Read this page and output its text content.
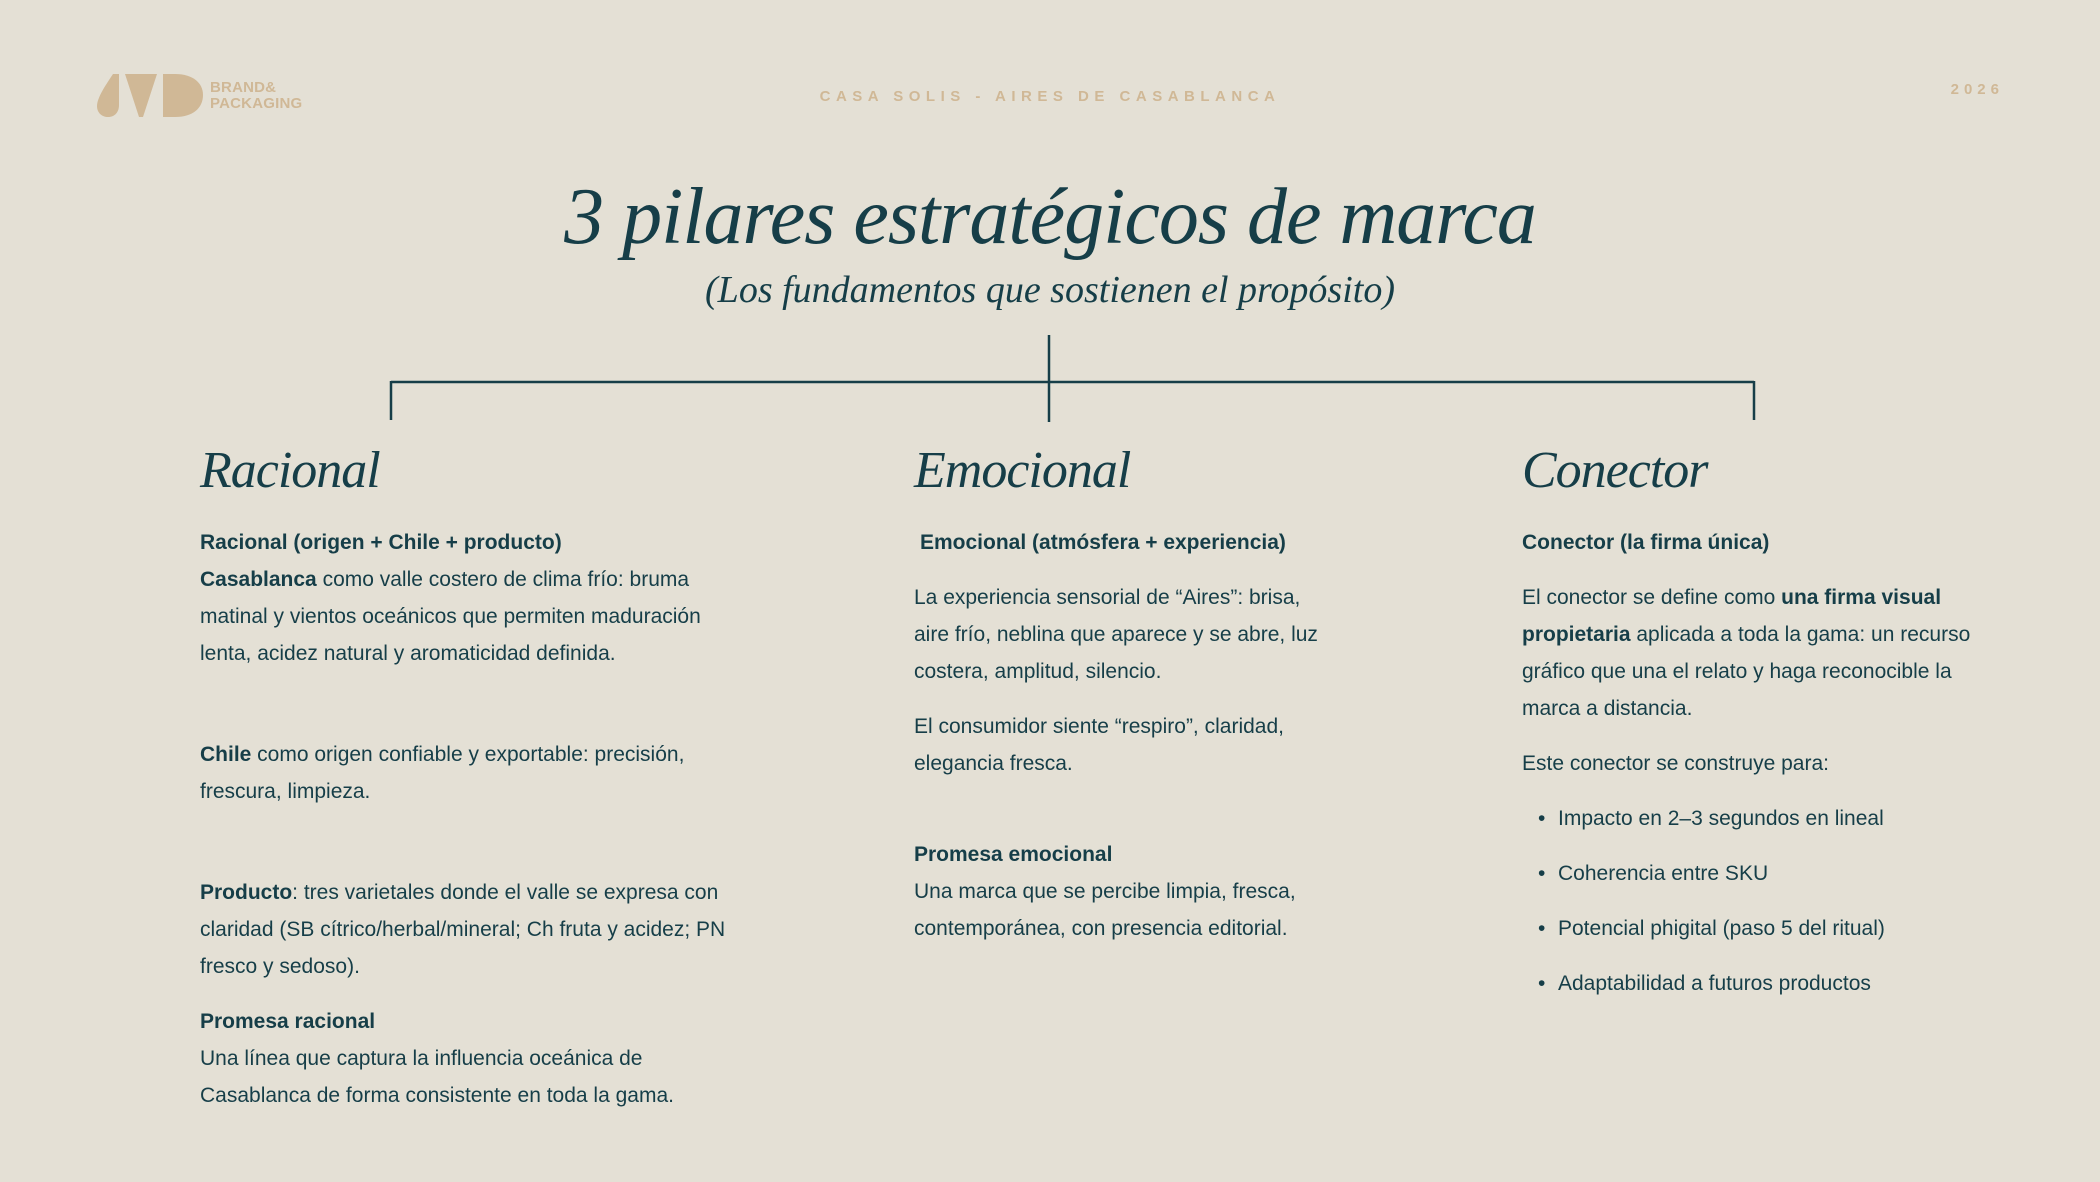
BRAND&
PACKAGING	CASA SOLIS - AIRES DE CASABLANCA	2026
3 pilares estratégicos de marca
(Los fundamentos que sostienen el propósito)
Racional

Racional (origen + Chile + producto)

Casablanca como valle costero de clima frío: bruma matinal y vientos oceánicos que permiten maduración lenta, acidez natural y aromaticidad definida.

Chile como origen confiable y exportable: precisión, frescura, limpieza.

Producto: tres varietales donde el valle se expresa con claridad (SB cítrico/herbal/mineral; Ch fruta y acidez; PN fresco y sedoso).

Promesa racional

Una línea que captura la influencia oceánica de Casablanca de forma consistente en toda la gama.

Emocional

Emocional (atmósfera + experiencia)

La experiencia sensorial de “Aires”: brisa, aire frío, neblina que aparece y se abre, luz costera, amplitud, silencio.

El consumidor siente “respiro”, claridad, elegancia fresca.

Promesa emocional

Una marca que se percibe limpia, fresca, contemporánea, con presencia editorial.

Conector

Conector (la firma única)

El conector se define como una firma visual propietaria aplicada a toda la gama: un recurso gráfico que una el relato y haga reconocible la marca a distancia.

Este conector se construye para:

• Impacto en 2–3 segundos en lineal
• Coherencia entre SKU
• Potencial phigital (paso 5 del ritual)
• Adaptabilidad a futuros productos
